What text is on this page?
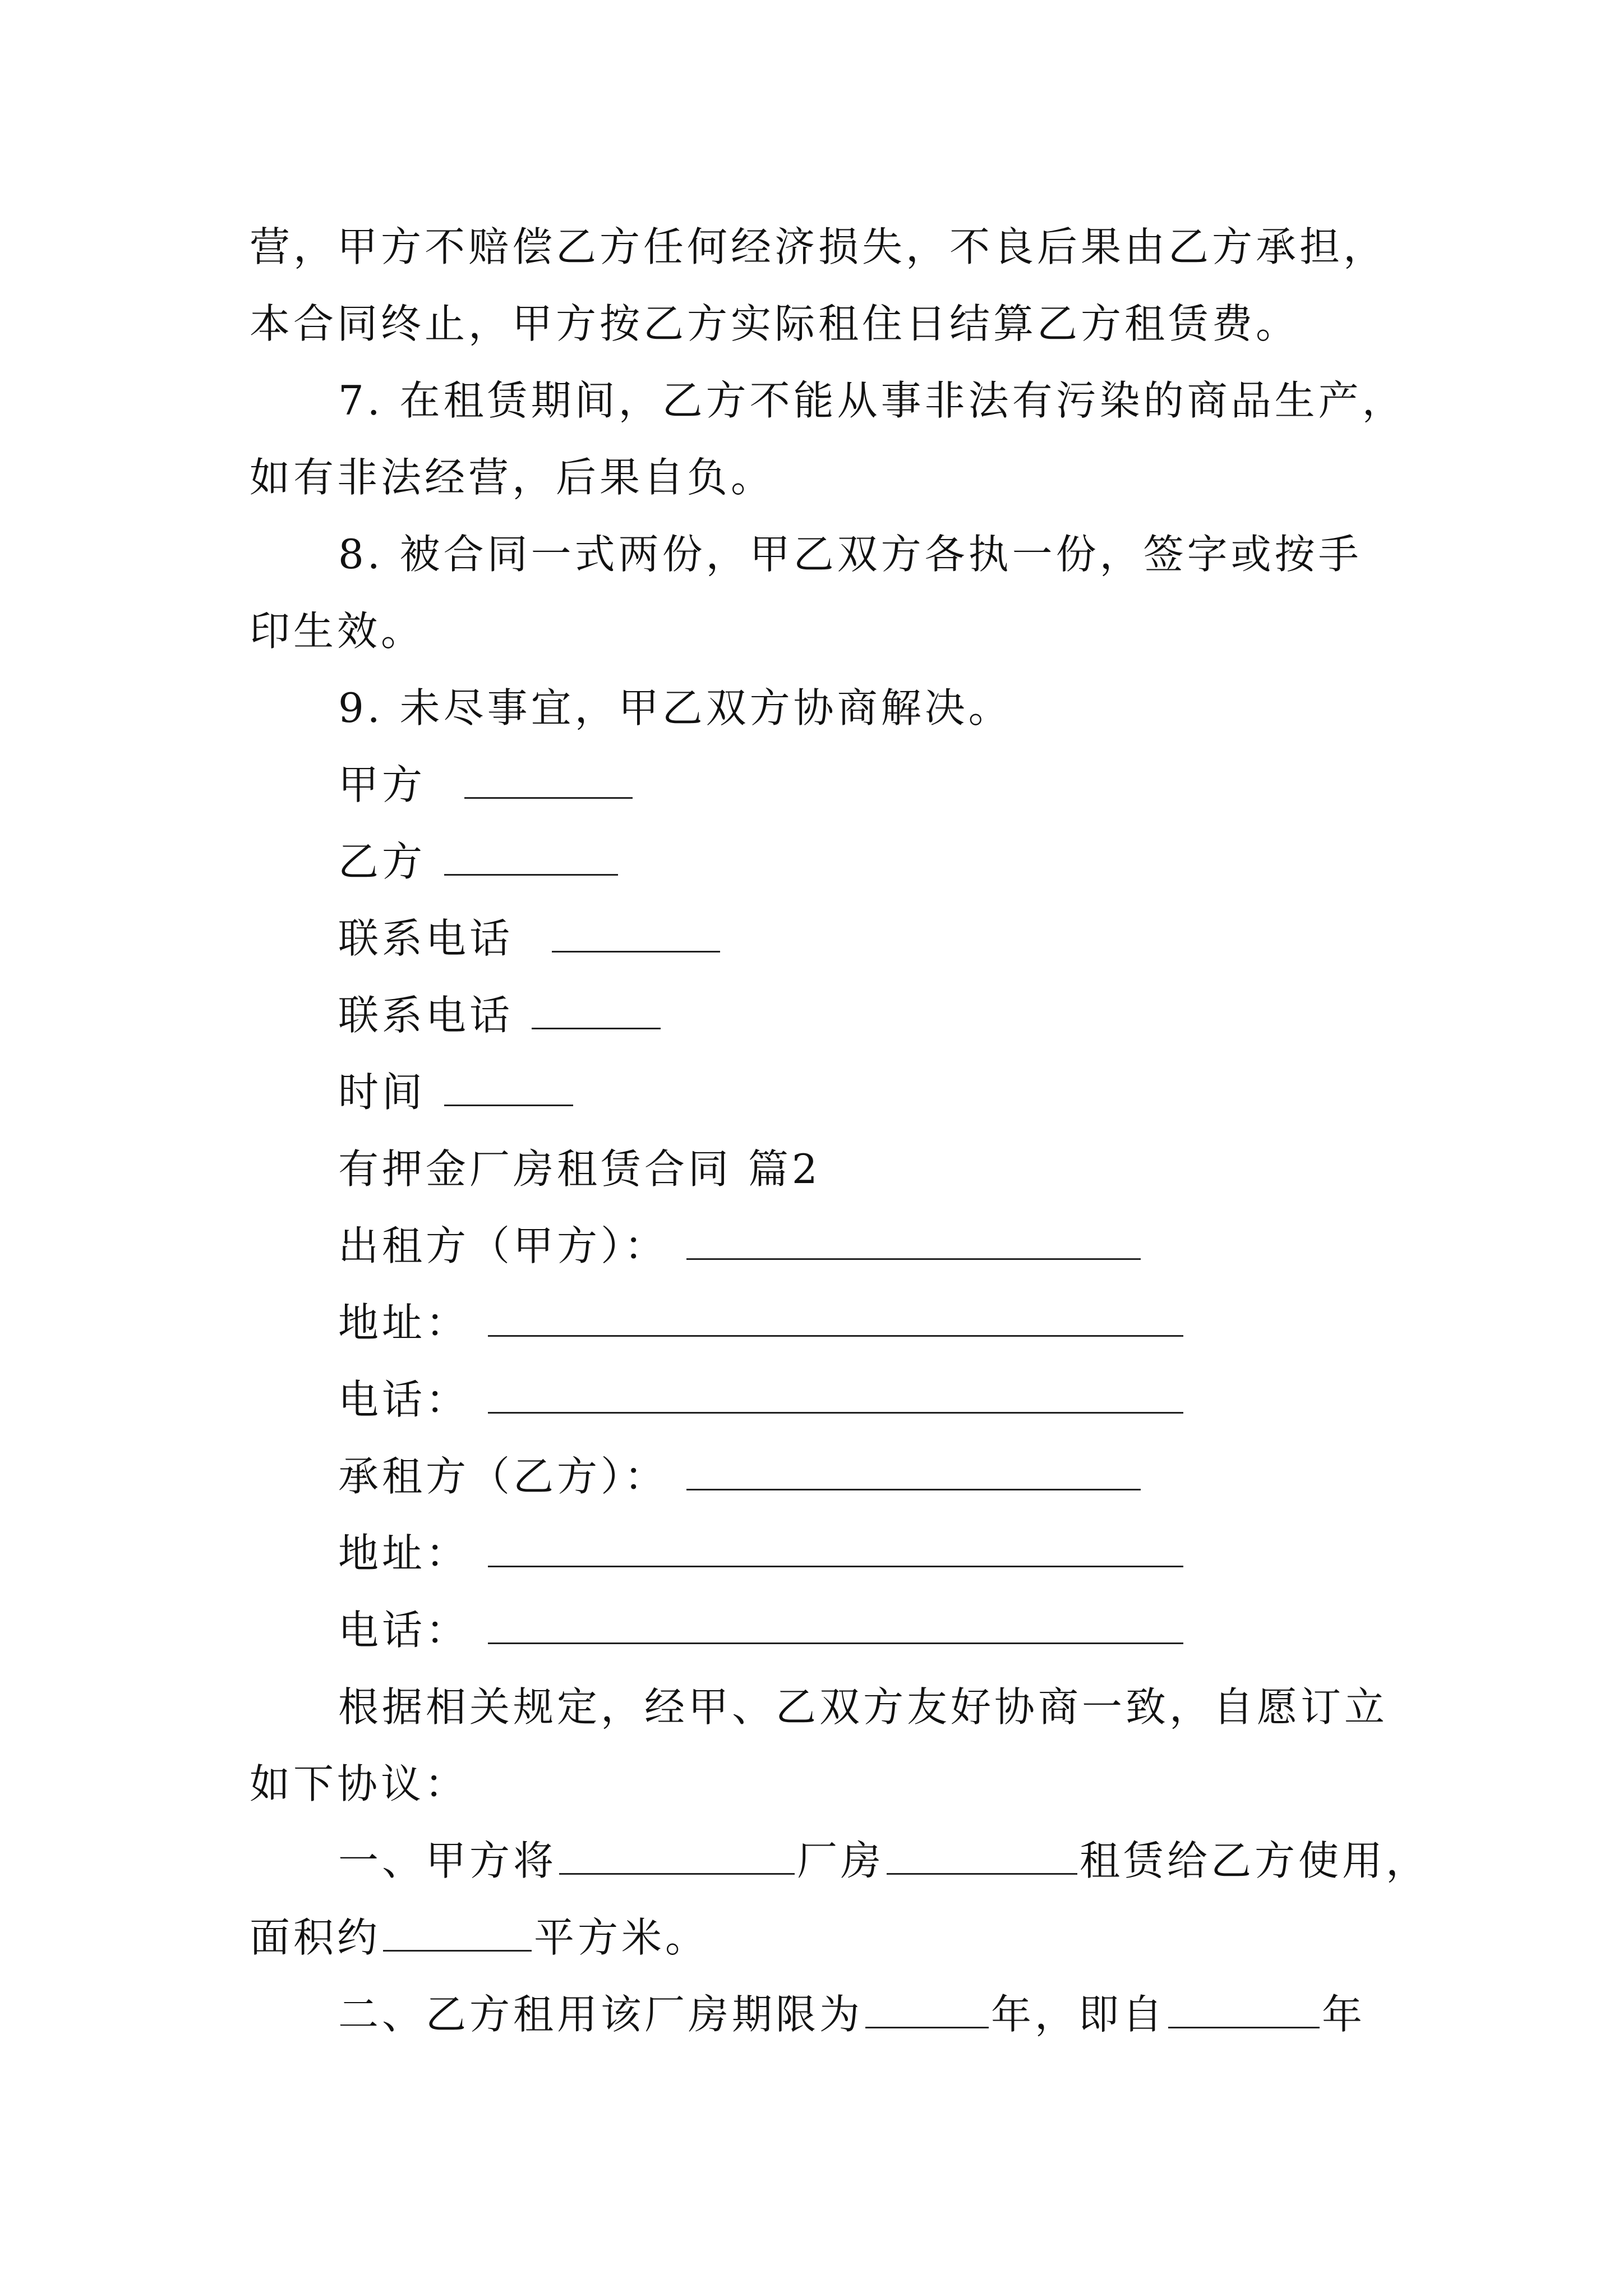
营，甲方不赔偿乙方任何经济损失，不良后果由乙方承担，
本合同终止，甲方按乙方实际租住日结算乙方租赁费。
7. 在租赁期间，乙方不能从事非法有污染的商品生产，
如有非法经营，后果自负。
8. 被合同一式两份，甲乙双方各执一份，签字或按手
印生效。
9. 未尽事宜，甲乙双方协商解决。
甲方
乙方
联系电话
联系电话
时间
有押金厂房租赁合同 篇2
出租方（甲方）：
地址：
电话：
承租方（乙方）：
地址：
电话：
根据相关规定，经甲、乙双方友好协商一致，自愿订立
如下协议：
一、甲方将	厂房	租赁给乙方使用，
面积约	平方米。
二、乙方租用该厂房期限为	年，即自	年
